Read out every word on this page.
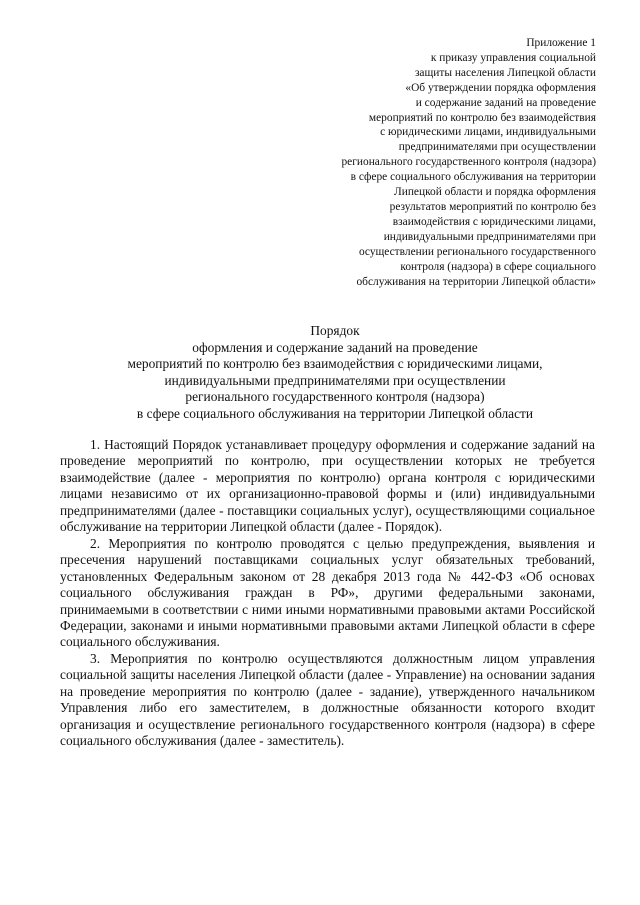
Приложение 1
к приказу управления социальной
защиты населения Липецкой области
«Об утверждении порядка оформления
и содержание заданий на проведение
мероприятий по контролю без взаимодействия
с юридическими лицами, индивидуальными
предпринимателями при осуществлении
регионального государственного контроля (надзора)
в сфере социального обслуживания на территории
Липецкой области и порядка оформления
результатов мероприятий по контролю без
взаимодействия с юридическими лицами,
индивидуальными предпринимателями при
осуществлении регионального государственного
контроля (надзора) в сфере социального
обслуживания на территории Липецкой области»
Порядок
оформления и содержание заданий на проведение
мероприятий по контролю без взаимодействия с юридическими лицами,
индивидуальными предпринимателями при осуществлении
регионального государственного контроля (надзора)
в сфере социального обслуживания на территории Липецкой области

1. Настоящий Порядок устанавливает процедуру оформления и содержание заданий на проведение мероприятий по контролю, при осуществлении которых не требуется взаимодействие (далее - мероприятия по контролю) органа контроля с юридическими лицами независимо от их организационно-правовой формы и (или) индивидуальными предпринимателями (далее - поставщики социальных услуг), осуществляющими социальное обслуживание на территории Липецкой области (далее - Порядок).

2. Мероприятия по контролю проводятся с целью предупреждения, выявления и пресечения нарушений поставщиками социальных услуг обязательных требований, установленных Федеральным законом от 28 декабря 2013 года № 442-ФЗ «Об основах социального обслуживания граждан в РФ», другими федеральными законами, принимаемыми в соответствии с ними иными нормативными правовыми актами Российской Федерации, законами и иными нормативными правовыми актами Липецкой области в сфере социального обслуживания.

3. Мероприятия по контролю осуществляются должностным лицом управления социальной защиты населения Липецкой области (далее - Управление) на основании задания на проведение мероприятия по контролю (далее - задание), утвержденного начальником Управления либо его заместителем, в должностные обязанности которого входит организация и осуществление регионального государственного контроля (надзора) в сфере социального обслуживания (далее - заместитель).
